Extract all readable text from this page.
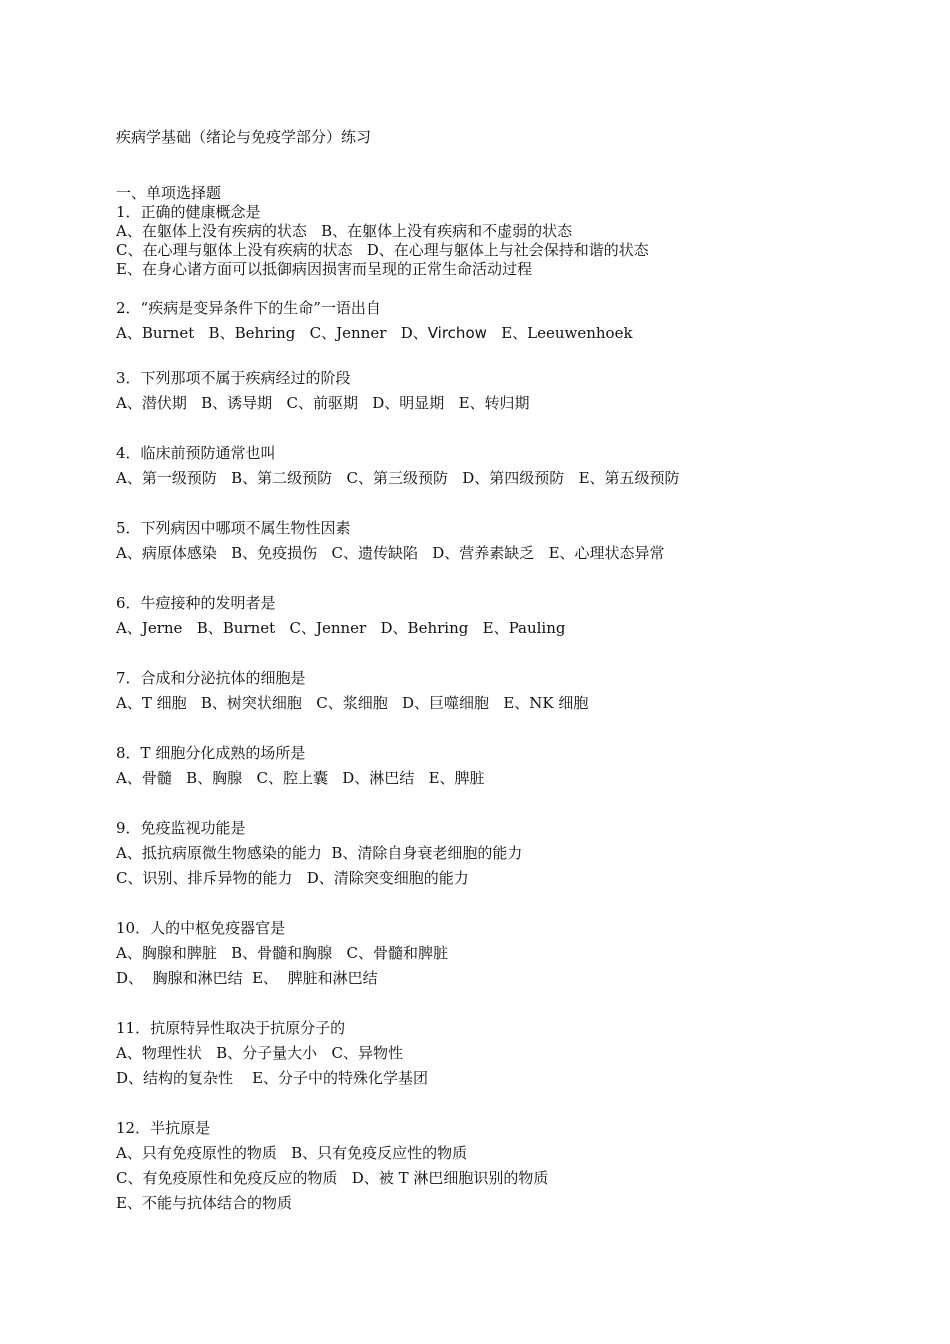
疾病学基础（绪论与免疫学部分）练习
一、单项选择题
1．正确的健康概念是
A、在躯体上没有疾病的状态   B、在躯体上没有疾病和不虚弱的状态
C、在心理与躯体上没有疾病的状态   D、在心理与躯体上与社会保持和谐的状态
E、在身心诸方面可以抵御病因损害而呈现的正常生命活动过程
2．“疾病是变异条件下的生命”一语出自
A、Burnet   B、Behring   C、Jenner   D、Virchow   E、Leeuwenhoek
3．下列那项不属于疾病经过的阶段
A、潜伏期   B、诱导期   C、前驱期   D、明显期   E、转归期
4．临床前预防通常也叫
A、第一级预防   B、第二级预防   C、第三级预防   D、第四级预防   E、第五级预防
5．下列病因中哪项不属生物性因素
A、病原体感染   B、免疫损伤   C、遗传缺陷   D、营养素缺乏   E、心理状态异常
6．牛痘接种的发明者是
A、Jerne   B、Burnet   C、Jenner   D、Behring   E、Pauling
7．合成和分泌抗体的细胞是
A、T 细胞   B、树突状细胞   C、浆细胞   D、巨噬细胞   E、NK 细胞
8．T 细胞分化成熟的场所是
A、骨髓   B、胸腺   C、腔上囊   D、淋巴结   E、脾脏
9．免疫监视功能是
A、抵抗病原微生物感染的能力  B、清除自身衰老细胞的能力
C、识别、排斥异物的能力   D、清除突变细胞的能力
10．人的中枢免疫器官是
A、胸腺和脾脏   B、骨髓和胸腺   C、骨髓和脾脏
D、  胸腺和淋巴结  E、  脾脏和淋巴结
11．抗原特异性取决于抗原分子的
A、物理性状   B、分子量大小   C、异物性
D、结构的复杂性    E、分子中的特殊化学基团
12．半抗原是
A、只有免疫原性的物质   B、只有免疫反应性的物质
C、有免疫原性和免疫反应的物质   D、被 T 淋巴细胞识别的物质
E、不能与抗体结合的物质
